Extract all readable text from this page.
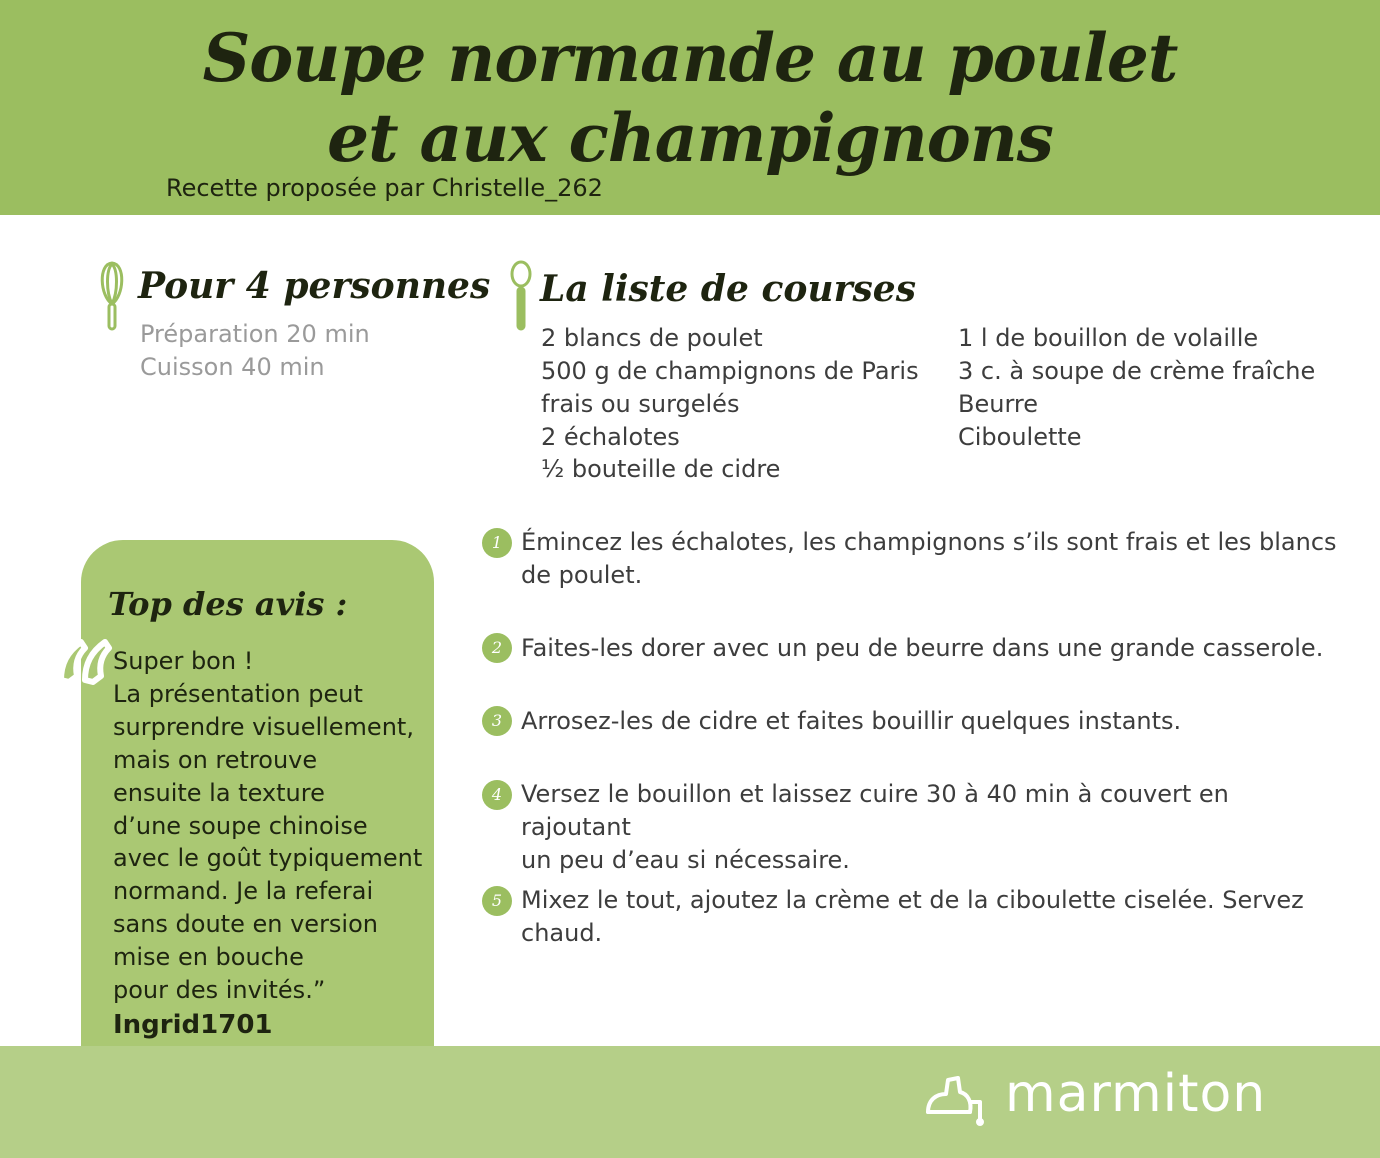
Soupe normande au poulet
et aux champignons
Recette proposée par Christelle_262
Pour 4 personnes
Préparation 20 min
Cuisson 40 min
La liste de courses
2 blancs de poulet
500 g de champignons de Paris
frais ou surgelés
2 échalotes
½ bouteille de cidre
1 l de bouillon de volaille
3 c. à soupe de crème fraîche
Beurre
Ciboulette
Top des avis :
Super bon !
La présentation peut
surprendre visuellement,
mais on retrouve
ensuite la texture
d’une soupe chinoise
avec le goût typiquement
normand. Je la referai
sans doute en version
mise en bouche
pour des invités.”
Ingrid1701
1 Émincez les échalotes, les champignons s’ils sont frais et les blancs
de poulet.
2 Faites-les dorer avec un peu de beurre dans une grande casserole.
3 Arrosez-les de cidre et faites bouillir quelques instants.
4 Versez le bouillon et laissez cuire 30 à 40 min à couvert en rajoutant
un peu d’eau si nécessaire.
5 Mixez le tout, ajoutez la crème et de la ciboulette ciselée. Servez
chaud.
marmiton
